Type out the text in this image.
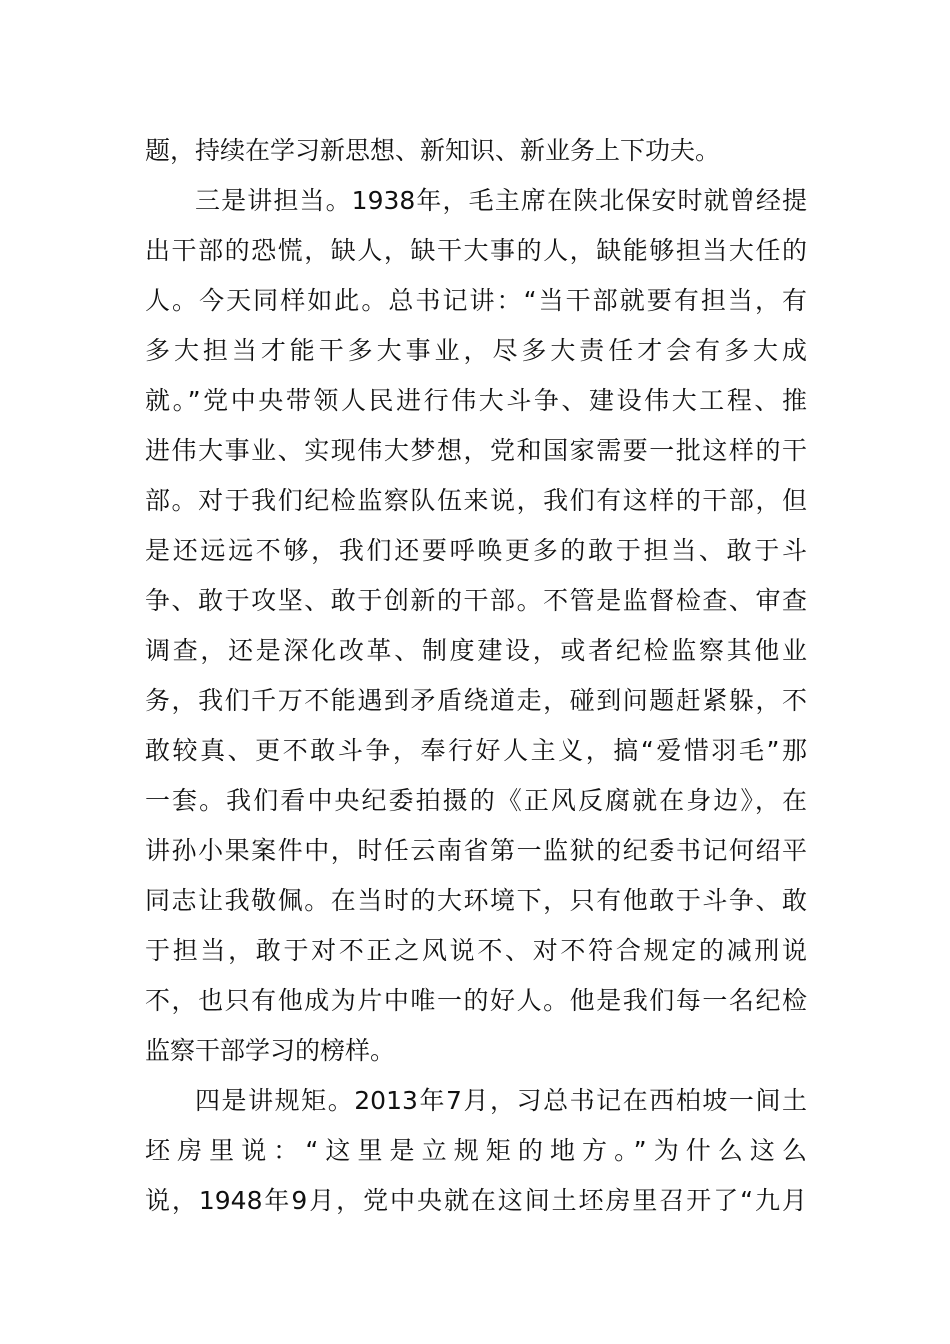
题，持续在学习新思想、新知识、新业务上下功夫。
三是讲担当。1938年，毛主席在陕北保安时就曾经提
出干部的恐慌，缺人，缺干大事的人，缺能够担当大任的
人。今天同样如此。总书记讲：“当干部就要有担当，有
多大担当才能干多大事业，尽多大责任才会有多大成
就。”党中央带领人民进行伟大斗争、建设伟大工程、推
进伟大事业、实现伟大梦想，党和国家需要一批这样的干
部。对于我们纪检监察队伍来说，我们有这样的干部，但
是还远远不够，我们还要呼唤更多的敢于担当、敢于斗
争、敢于攻坚、敢于创新的干部。不管是监督检查、审查
调查，还是深化改革、制度建设，或者纪检监察其他业
务，我们千万不能遇到矛盾绕道走，碰到问题赶紧躲，不
敢较真、更不敢斗争，奉行好人主义，搞“爱惜羽毛”那
一套。我们看中央纪委拍摄的《正风反腐就在身边》，在
讲孙小果案件中，时任云南省第一监狱的纪委书记何绍平
同志让我敬佩。在当时的大环境下，只有他敢于斗争、敢
于担当，敢于对不正之风说不、对不符合规定的减刑说
不，也只有他成为片中唯一的好人。他是我们每一名纪检
监察干部学习的榜样。
四是讲规矩。2013年7月，习总书记在西柏坡一间土
坯房里说：“这里是立规矩的地方。”为什么这么
说，1948年9月，党中央就在这间土坯房里召开了“九月
